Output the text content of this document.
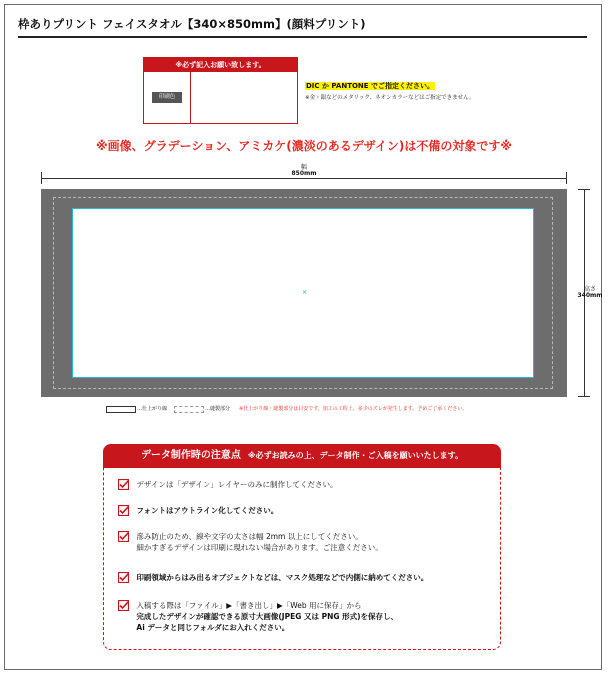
枠ありプリント フェイスタオル【340×850mm】(顔料プリント)
※必ず記入お願い致します。
印刷色
DIC か PANTONE でご指定ください。
※金・銀などのメタリック、ネオンカラーなどはご指定できません。
※画像、グラデーション、アミカケ(濃淡のあるデザイン)は不備の対象です※
幅
850mm
高さ
340mm
✕
…仕上がり線	…縫製部分 ※仕上がり線・縫製部分は目安です。加工の工程上、多少のズレが発生します。予めご了承ください。
データ制作時の注意点 ※必ずお読みの上、データ制作・ご入稿を願いいたします。
デザインは「デザイン」レイヤーのみに制作してください。
フォントはアウトライン化してください。
滲み防止のため、線や文字の太さは幅 2mm 以上にしてください。
細かすぎるデザインは印刷に現れない場合があります。ご注意ください。
印刷領域からはみ出るオブジェクトなどは、マスク処理などで内側に納めてください。
入稿する際は「ファイル」▶「書き出し」▶「Web 用に保存」から
完成したデザインが確認できる原寸大画像(JPEG 又は PNG 形式)を保存し、
Ai データと同じフォルダにお入れください。
